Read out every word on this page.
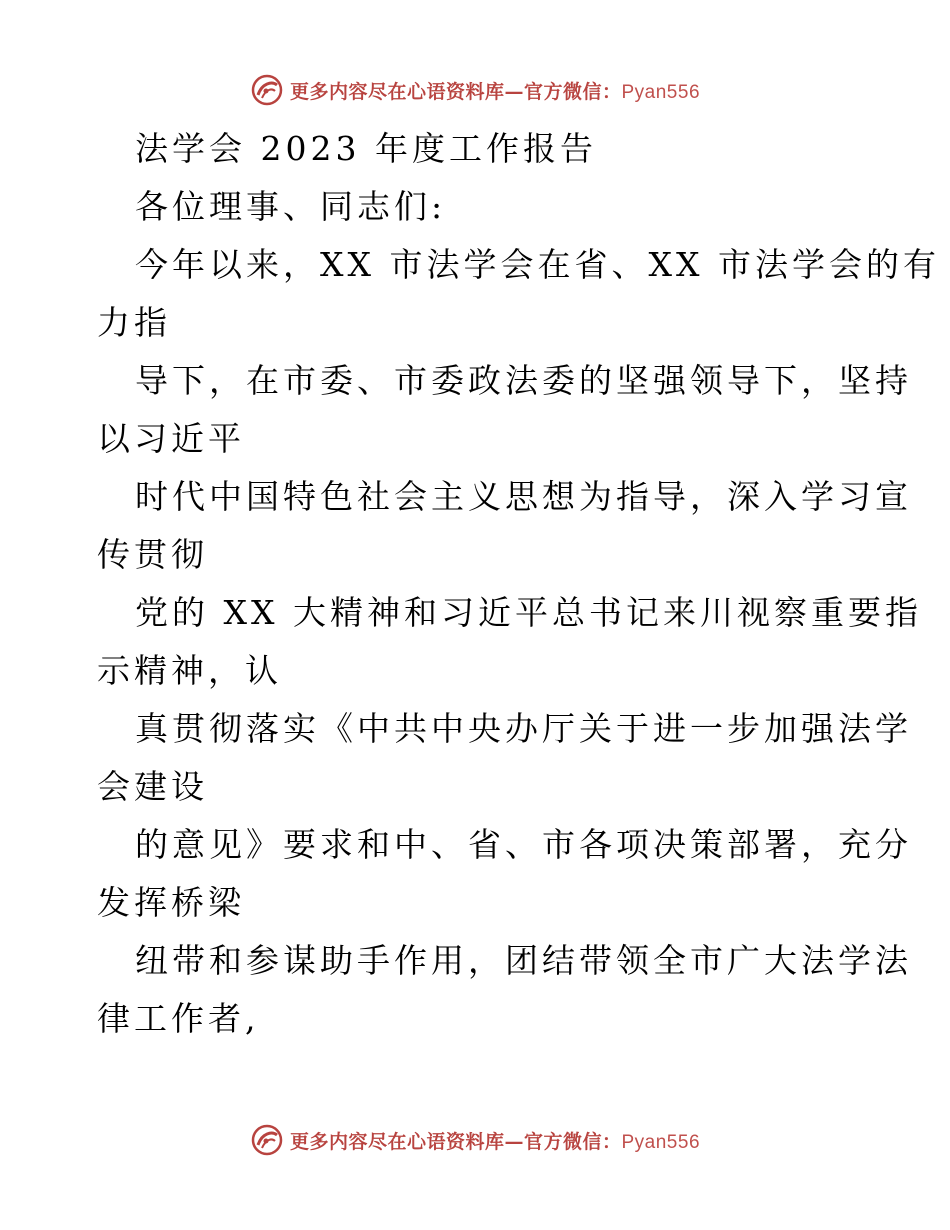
更多内容尽在心语资料库—官方微信：Pyan556
法学会 2023 年度工作报告
各位理事、同志们:
今年以来，XX 市法学会在省、XX 市法学会的有
力指
导下，在市委、市委政法委的坚强领导下，坚持
以习近平
时代中国特色社会主义思想为指导，深入学习宣
传贯彻
党的 XX 大精神和习近平总书记来川视察重要指
示精神，认
真贯彻落实《中共中央办厅关于进一步加强法学
会建设
的意见》要求和中、省、市各项决策部署，充分
发挥桥梁
纽带和参谋助手作用，团结带领全市广大法学法
律工作者,
更多内容尽在心语资料库—官方微信：Pyan556
